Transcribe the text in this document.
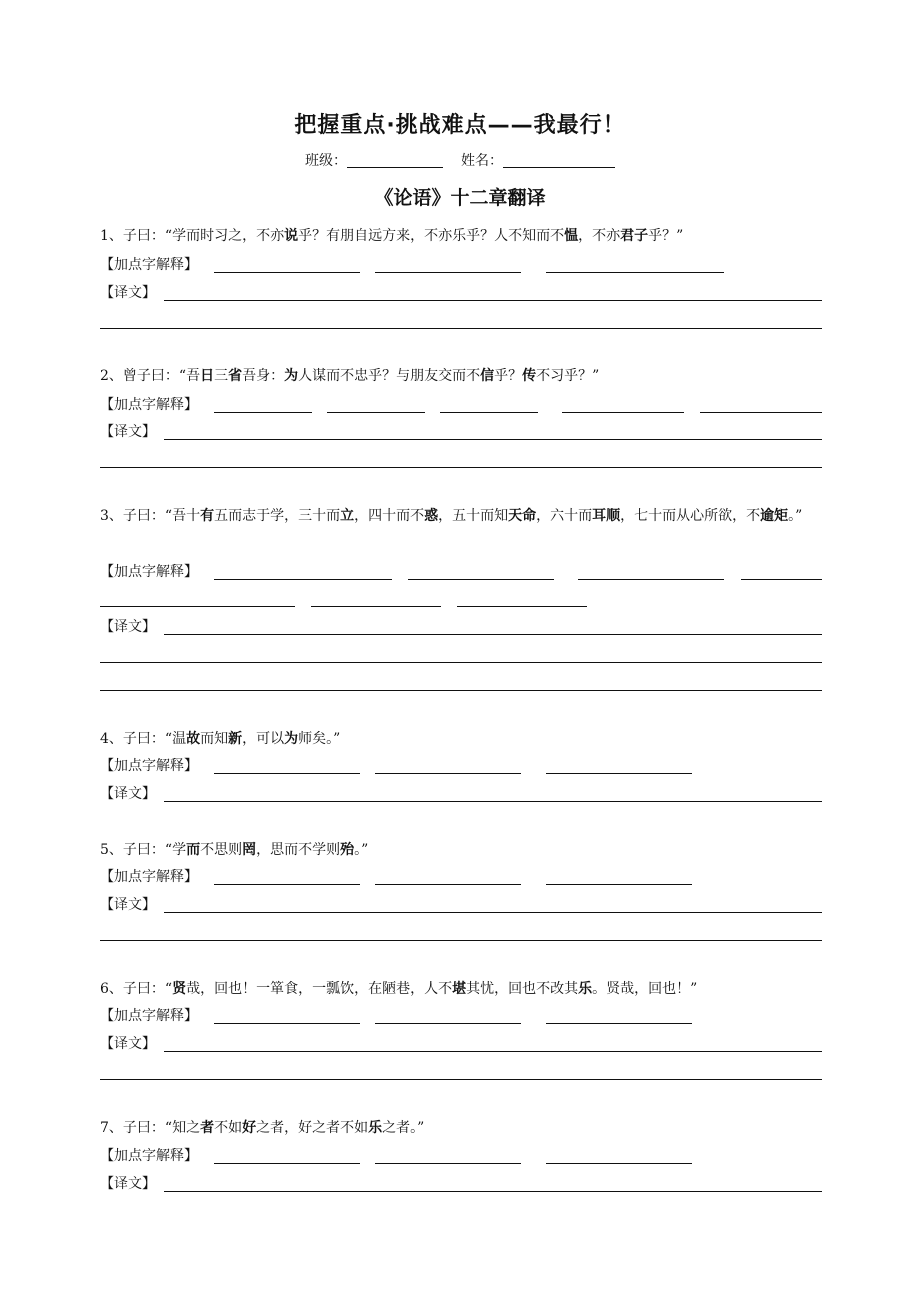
把握重点·挑战难点——我最行！
班级：	姓名：
《论语》十二章翻译
1、子曰：“学而时习之，不亦说乎？有朋自远方来，不亦乐乎？人不知而不愠，不亦君子乎？”
【加点字解释】
【译文】
2、曾子曰：“吾日三省吾身：为人谋而不忠乎？与朋友交而不信乎？传不习乎？”
【加点字解释】
【译文】
3、子曰：“吾十有五而志于学，三十而立，四十而不惑，五十而知天命，六十而耳顺，七十而从心所欲，不逾矩。”
【加点字解释】
【译文】
4、子曰：“温故而知新，可以为师矣。”
【加点字解释】
【译文】
5、子曰：“学而不思则罔，思而不学则殆。”
【加点字解释】
【译文】
6、子曰：“贤哉，回也！一箪食，一瓢饮，在陋巷，人不堪其忧，回也不改其乐。贤哉，回也！”
【加点字解释】
【译文】
7、子曰：“知之者不如好之者，好之者不如乐之者。”
【加点字解释】
【译文】
